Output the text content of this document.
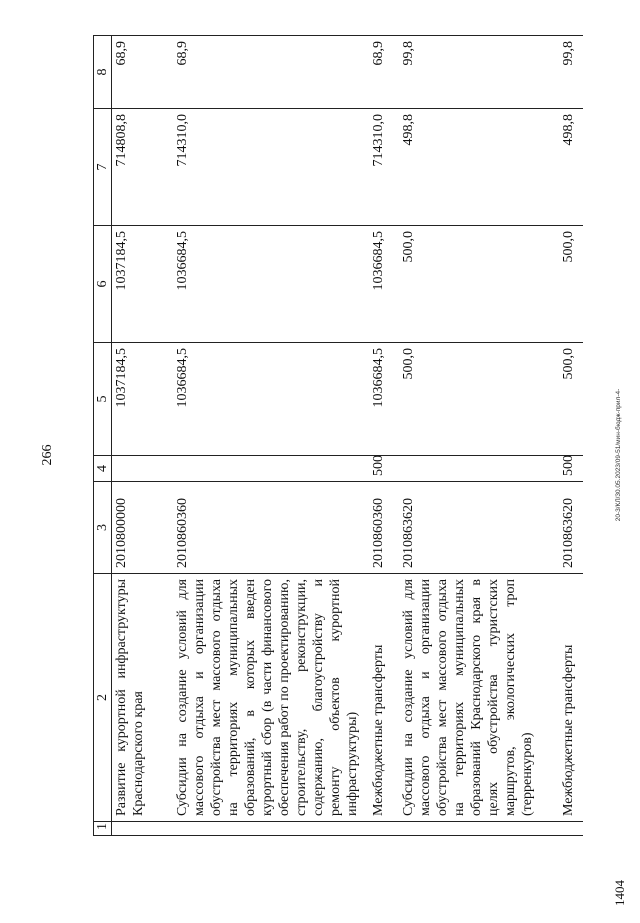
266
1404
20-3/КЛ/30.05.2023/09-51/мин-бюдж-прил-4-
1	2	3	4	5	6	7	8
	Развитие курортной инфраструктуры Краснодарского края	2010800000		1037184,5	1037184,5	714808,8	68,9
	Субсидии на создание условий для массового отдыха и организации обустройства мест массового отдыха на территориях муниципальных образований, в которых введен курортный сбор (в части финансового обеспечения работ по проектированию, строительству, реконструкции, содержанию, благоустройству и ремонту объектов курортной инфраструктуры)	2010860360		1036684,5	1036684,5	714310,0	68,9
	Межбюджетные трансферты	2010860360	500	1036684,5	1036684,5	714310,0	68,9
	Субсидии на создание условий для массового отдыха и организации обустройства мест массового отдыха на территориях муниципальных образований Краснодарского края в целях обустройства туристских маршрутов, экологических троп (терренкуров)	2010863620		500,0	500,0	498,8	99,8
	Межбюджетные трансферты	2010863620	500	500,0	500,0	498,8	99,8
